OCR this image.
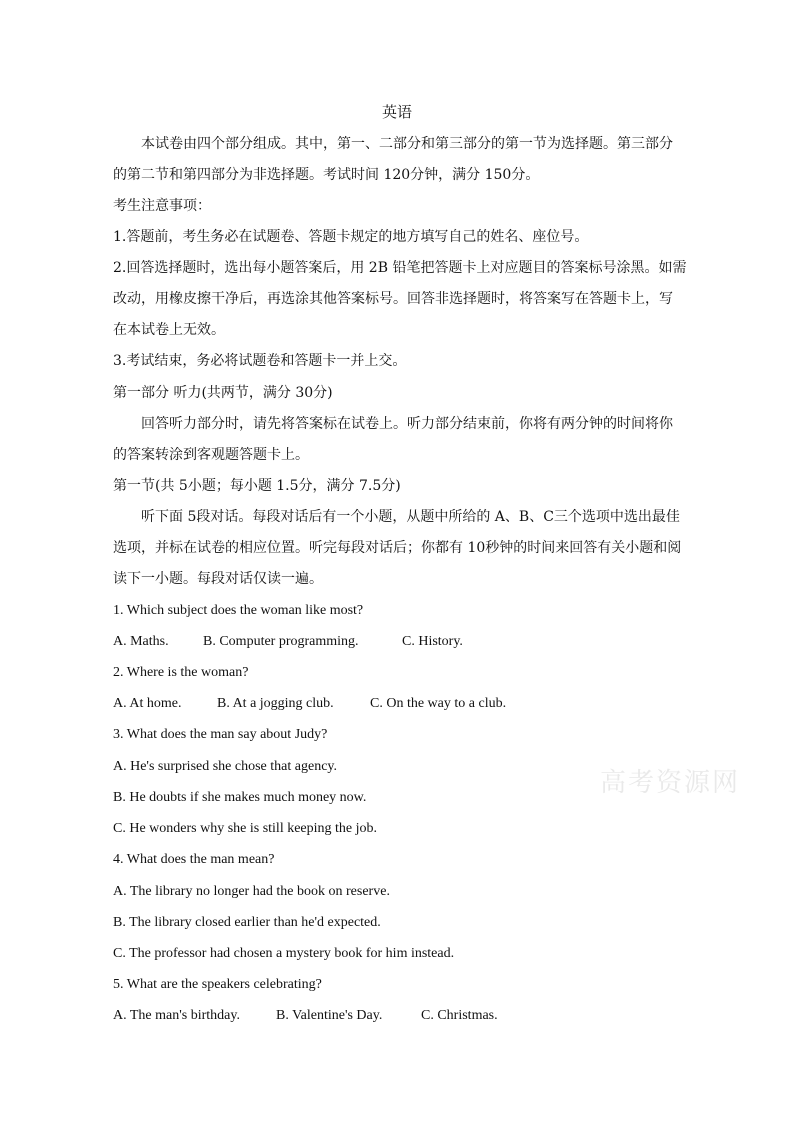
英语
本试卷由四个部分组成。其中，第一、二部分和第三部分的第一节为选择题。第三部分
的第二节和第四部分为非选择题。考试时间 120分钟，满分 150分。
考生注意事项：
1.答题前，考生务必在试题卷、答题卡规定的地方填写自己的姓名、座位号。
2.回答选择题时，选出每小题答案后，用 2B 铅笔把答题卡上对应题目的答案标号涂黑。如需
改动，用橡皮擦干净后，再选涂其他答案标号。回答非选择题时，将答案写在答题卡上，写
在本试卷上无效。
3.考试结束，务必将试题卷和答题卡一并上交。
第一部分 听力(共两节，满分 30分)
回答听力部分时，请先将答案标在试卷上。听力部分结束前，你将有两分钟的时间将你
的答案转涂到客观题答题卡上。
第一节(共 5小题；每小题 1.5分，满分 7.5分)
听下面 5段对话。每段对话后有一个小题，从题中所给的 A、B、C三个选项中选出最佳
选项，并标在试卷的相应位置。听完每段对话后；你都有 10秒钟的时间来回答有关小题和阅
读下一小题。每段对话仅读一遍。
1. Which subject does the woman like most?
A. Maths. B. Computer programming.	C. History.
2. Where is the woman?
A. At home.	B. At a jogging club.	C. On the way to a club.
3. What does the man say about Judy?
A. He's surprised she chose that agency.
B. He doubts if she makes much money now.
C. He wonders why she is still keeping the job.
4. What does the man mean?
A. The library no longer had the book on reserve.
B. The library closed earlier than he'd expected.
C. The professor had chosen a mystery book for him instead.
5. What are the speakers celebrating?
A. The man's birthday.	B. Valentine's Day.	C. Christmas.
高考资源网
